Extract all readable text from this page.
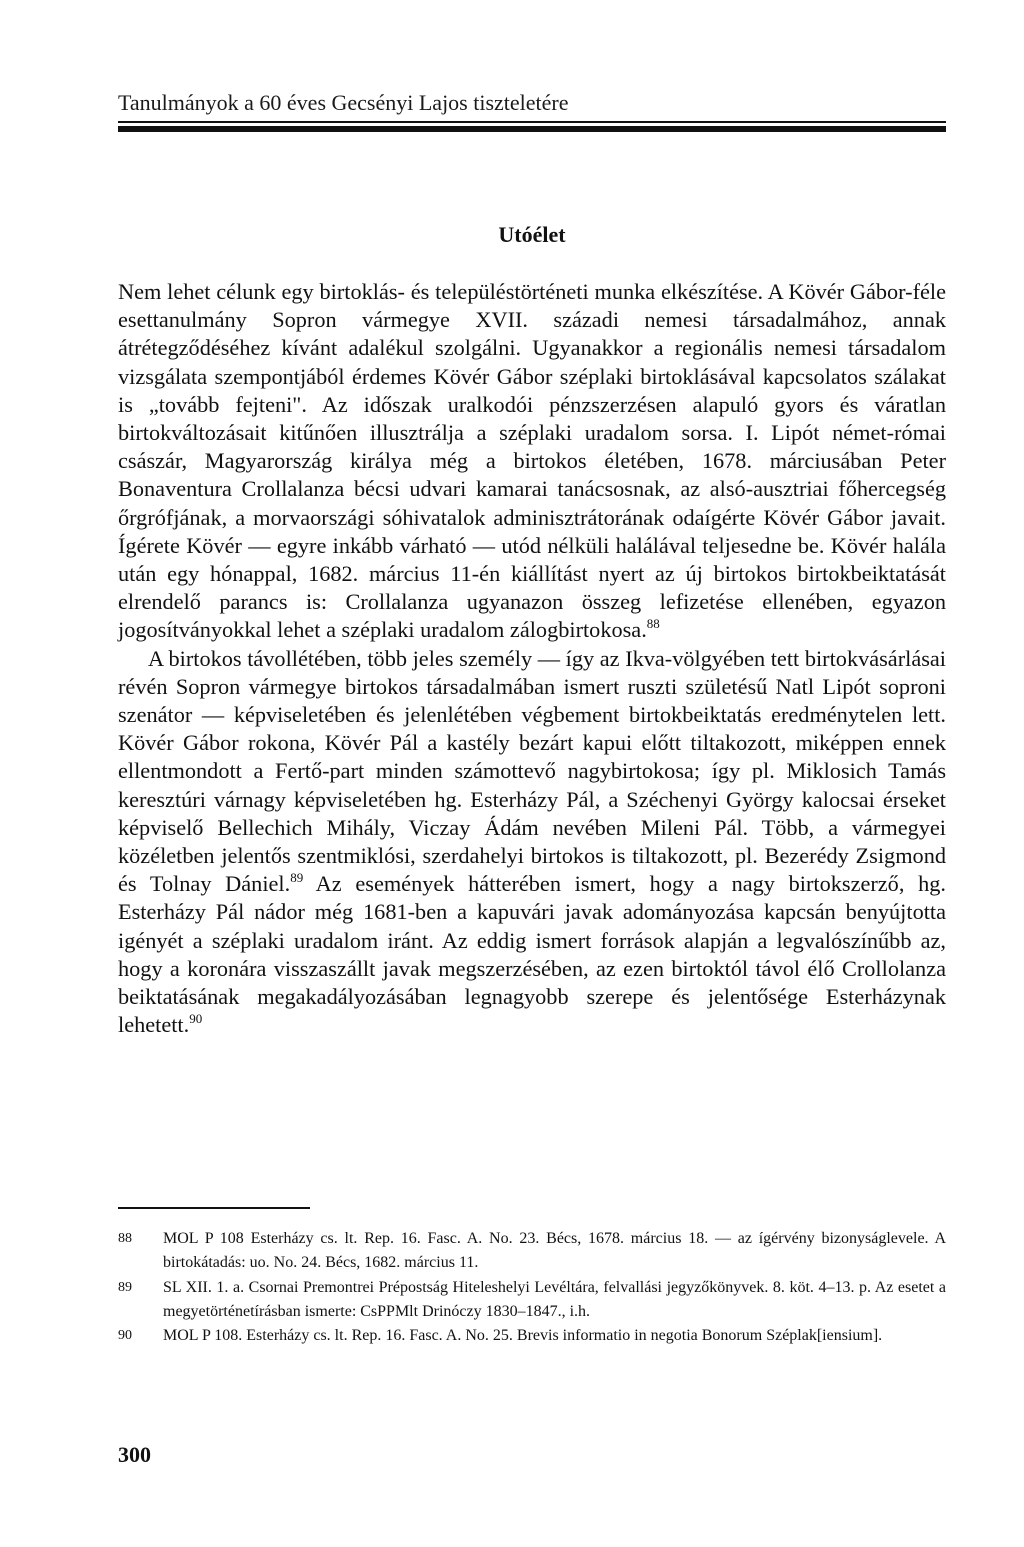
Tanulmányok a 60 éves Gecsényi Lajos tiszteletére
Utóélet

Nem lehet célunk egy birtoklás- és településtörténeti munka elkészítése. A Kövér Gábor-féle esettanulmány Sopron vármegye XVII. századi nemesi társadalmához, annak átrétegződéséhez kívánt adalékul szolgálni. Ugyanakkor a regionális nemesi társadalom vizsgálata szempontjából érdemes Kövér Gábor széplaki birtoklásával kapcsolatos szálakat is „tovább fejteni". Az időszak uralkodói pénzszerzésen alapuló gyors és váratlan birtokváltozásait kitűnően illusztrálja a széplaki uradalom sorsa. I. Lipót német-római császár, Magyarország királya még a birtokos életében, 1678. márciusában Peter Bonaventura Crollalanza bécsi udvari kamarai tanácsosnak, az alsó-ausztriai főhercegség őrgrófjának, a morvaországi sóhivatalok adminisztrátorának odaígérte Kövér Gábor javait. Ígérete Kövér — egyre inkább várható — utód nélküli halálával teljesedne be. Kövér halála után egy hónappal, 1682. március 11-én kiállítást nyert az új birtokos birtokbeiktatását elrendelő parancs is: Crollalanza ugyanazon összeg lefizetése ellenében, egyazon jogosítványokkal lehet a széplaki uradalom zálogbirtokosa.$^{88}$

A birtokos távollétében, több jeles személy — így az Ikva-völgyében tett birtokvásárlásai révén Sopron vármegye birtokos társadalmában ismert ruszti születésű Natl Lipót soproni szenátor — képviseletében és jelenlétében végbement birtokbeiktatás eredménytelen lett. Kövér Gábor rokona, Kövér Pál a kastély bezárt kapui előtt tiltakozott, miképpen ennek ellentmondott a Fertő-part minden számottevő nagybirtokosa; így pl. Miklosich Tamás keresztúri várnagy képviseletében hg. Esterházy Pál, a Széchenyi György kalocsai érseket képviselő Bellechich Mihály, Viczay Ádám nevében Mileni Pál. Több, a vármegyei közéletben jelentős szentmiklósi, szerdahelyi birtokos is tiltakozott, pl. Bezerédy Zsigmond és Tolnay Dániel.$^{89}$ Az események hátterében ismert, hogy a nagy birtokszerző, hg. Esterházy Pál nádor még 1681-ben a kapuvári javak adományozása kapcsán benyújtotta igényét a széplaki uradalom iránt. Az eddig ismert források alapján a legvalószínűbb az, hogy a koronára visszaszállt javak megszerzésében, az ezen birtoktól távol élő Crollolanza beiktatásának megakadályozásában legnagyobb szerepe és jelentősége Esterházynak lehetett.$^{90}$

88	MOL P 108 Esterházy cs. lt. Rep. 16. Fasc. A. No. 23. Bécs, 1678. március 18. — az ígérvény bizonyságlevele. A birtokátadás: uo. No. 24. Bécs, 1682. március 11.
89	SL XII. 1. a. Csornai Premontrei Prépostság Hiteleshelyi Levéltára, felvallási jegyzőkönyvek. 8. köt. 4–13. p. Az esetet a megyetörténetírásban ismerte: CsPPMlt Drinóczy 1830–1847., i.h.
90	MOL P 108. Esterházy cs. lt. Rep. 16. Fasc. A. No. 25. Brevis informatio in negotia Bonorum Széplak[iensium].
300
